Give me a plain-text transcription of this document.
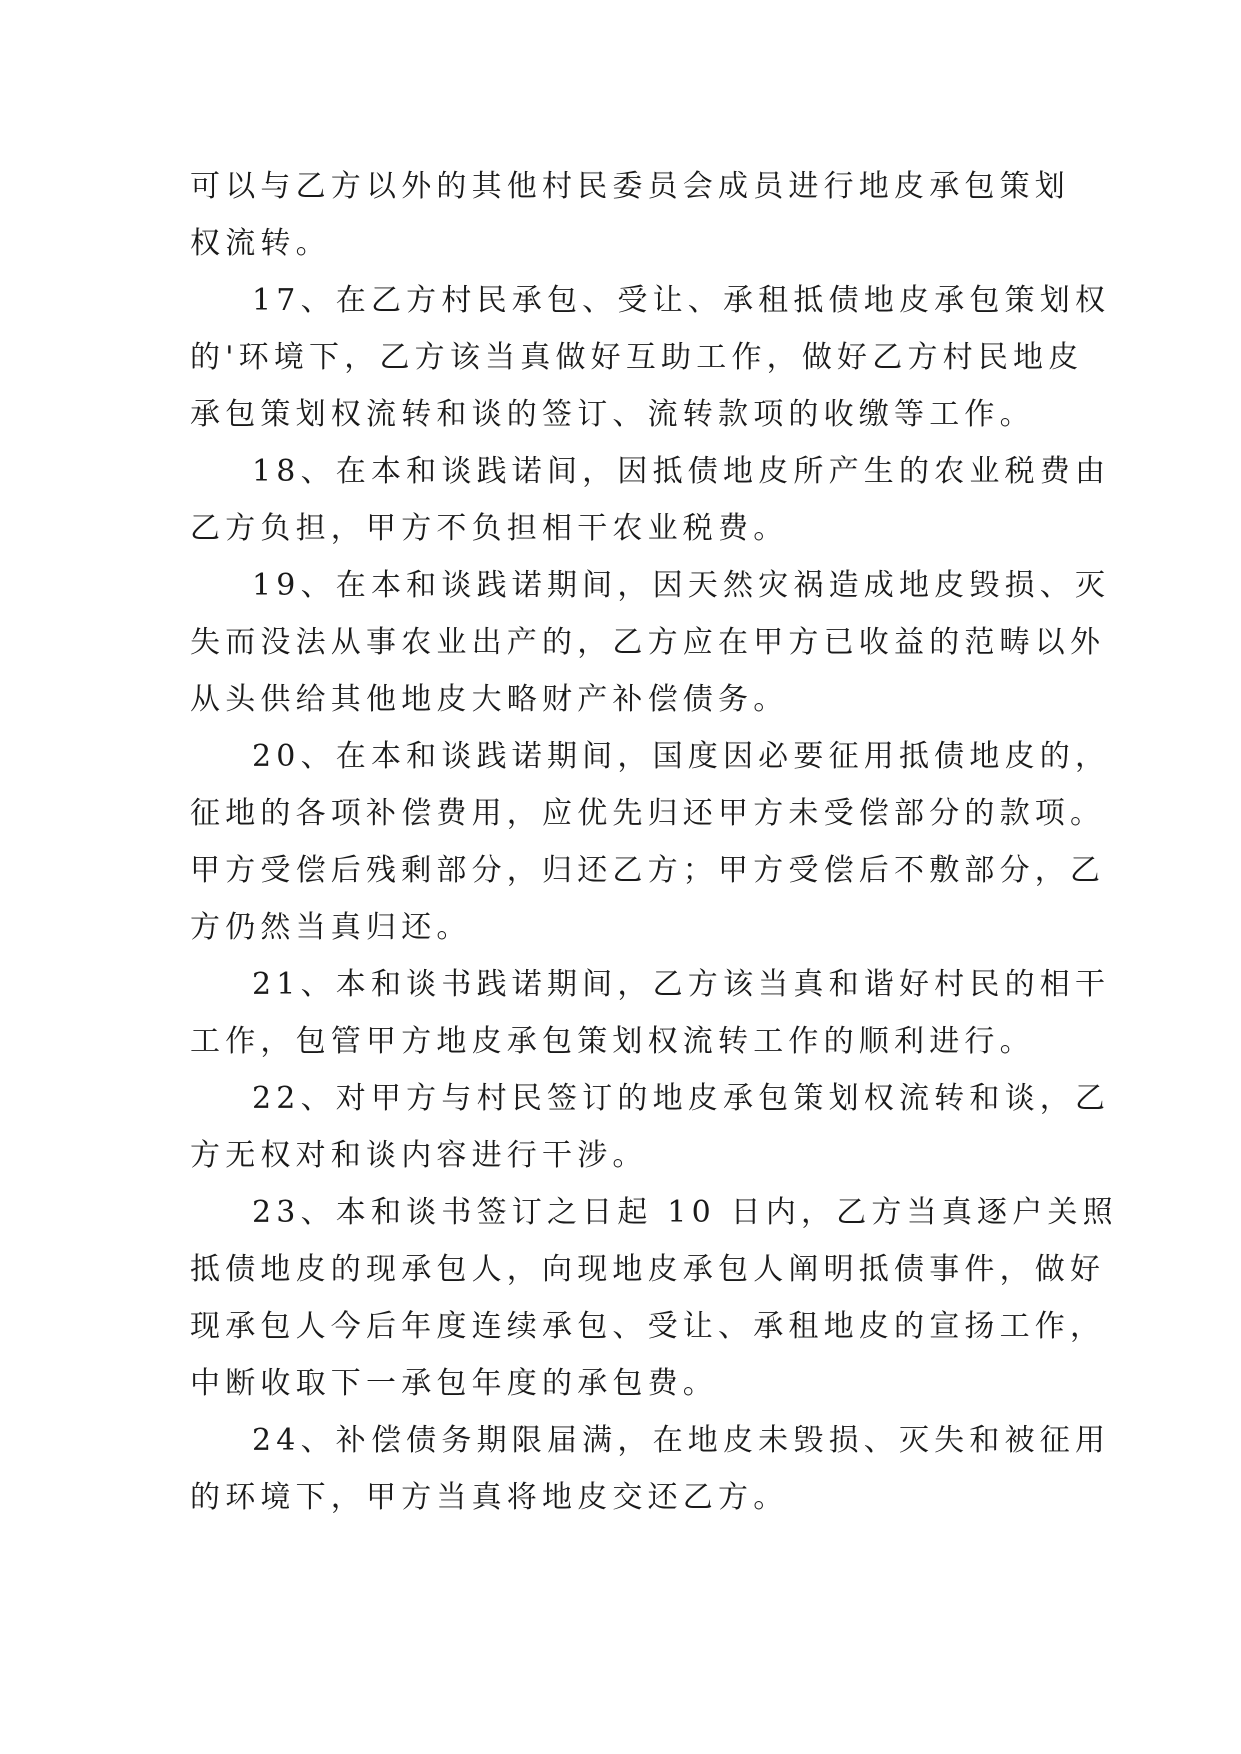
可以与乙方以外的其他村民委员会成员进行地皮承包策划
权流转。
17、在乙方村民承包、受让、承租抵债地皮承包策划权
的'环境下，乙方该当真做好互助工作，做好乙方村民地皮
承包策划权流转和谈的签订、流转款项的收缴等工作。
18、在本和谈践诺间，因抵债地皮所产生的农业税费由
乙方负担，甲方不负担相干农业税费。
19、在本和谈践诺期间，因天然灾祸造成地皮毁损、灭
失而没法从事农业出产的，乙方应在甲方已收益的范畴以外
从头供给其他地皮大略财产补偿债务。
20、在本和谈践诺期间，国度因必要征用抵债地皮的，
征地的各项补偿费用，应优先归还甲方未受偿部分的款项。
甲方受偿后残剩部分，归还乙方；甲方受偿后不敷部分，乙
方仍然当真归还。
21、本和谈书践诺期间，乙方该当真和谐好村民的相干
工作，包管甲方地皮承包策划权流转工作的顺利进行。
22、对甲方与村民签订的地皮承包策划权流转和谈，乙
方无权对和谈内容进行干涉。
23、本和谈书签订之日起 10 日内，乙方当真逐户关照
抵债地皮的现承包人，向现地皮承包人阐明抵债事件，做好
现承包人今后年度连续承包、受让、承租地皮的宣扬工作，
中断收取下一承包年度的承包费。
24、补偿债务期限届满，在地皮未毁损、灭失和被征用
的环境下，甲方当真将地皮交还乙方。
